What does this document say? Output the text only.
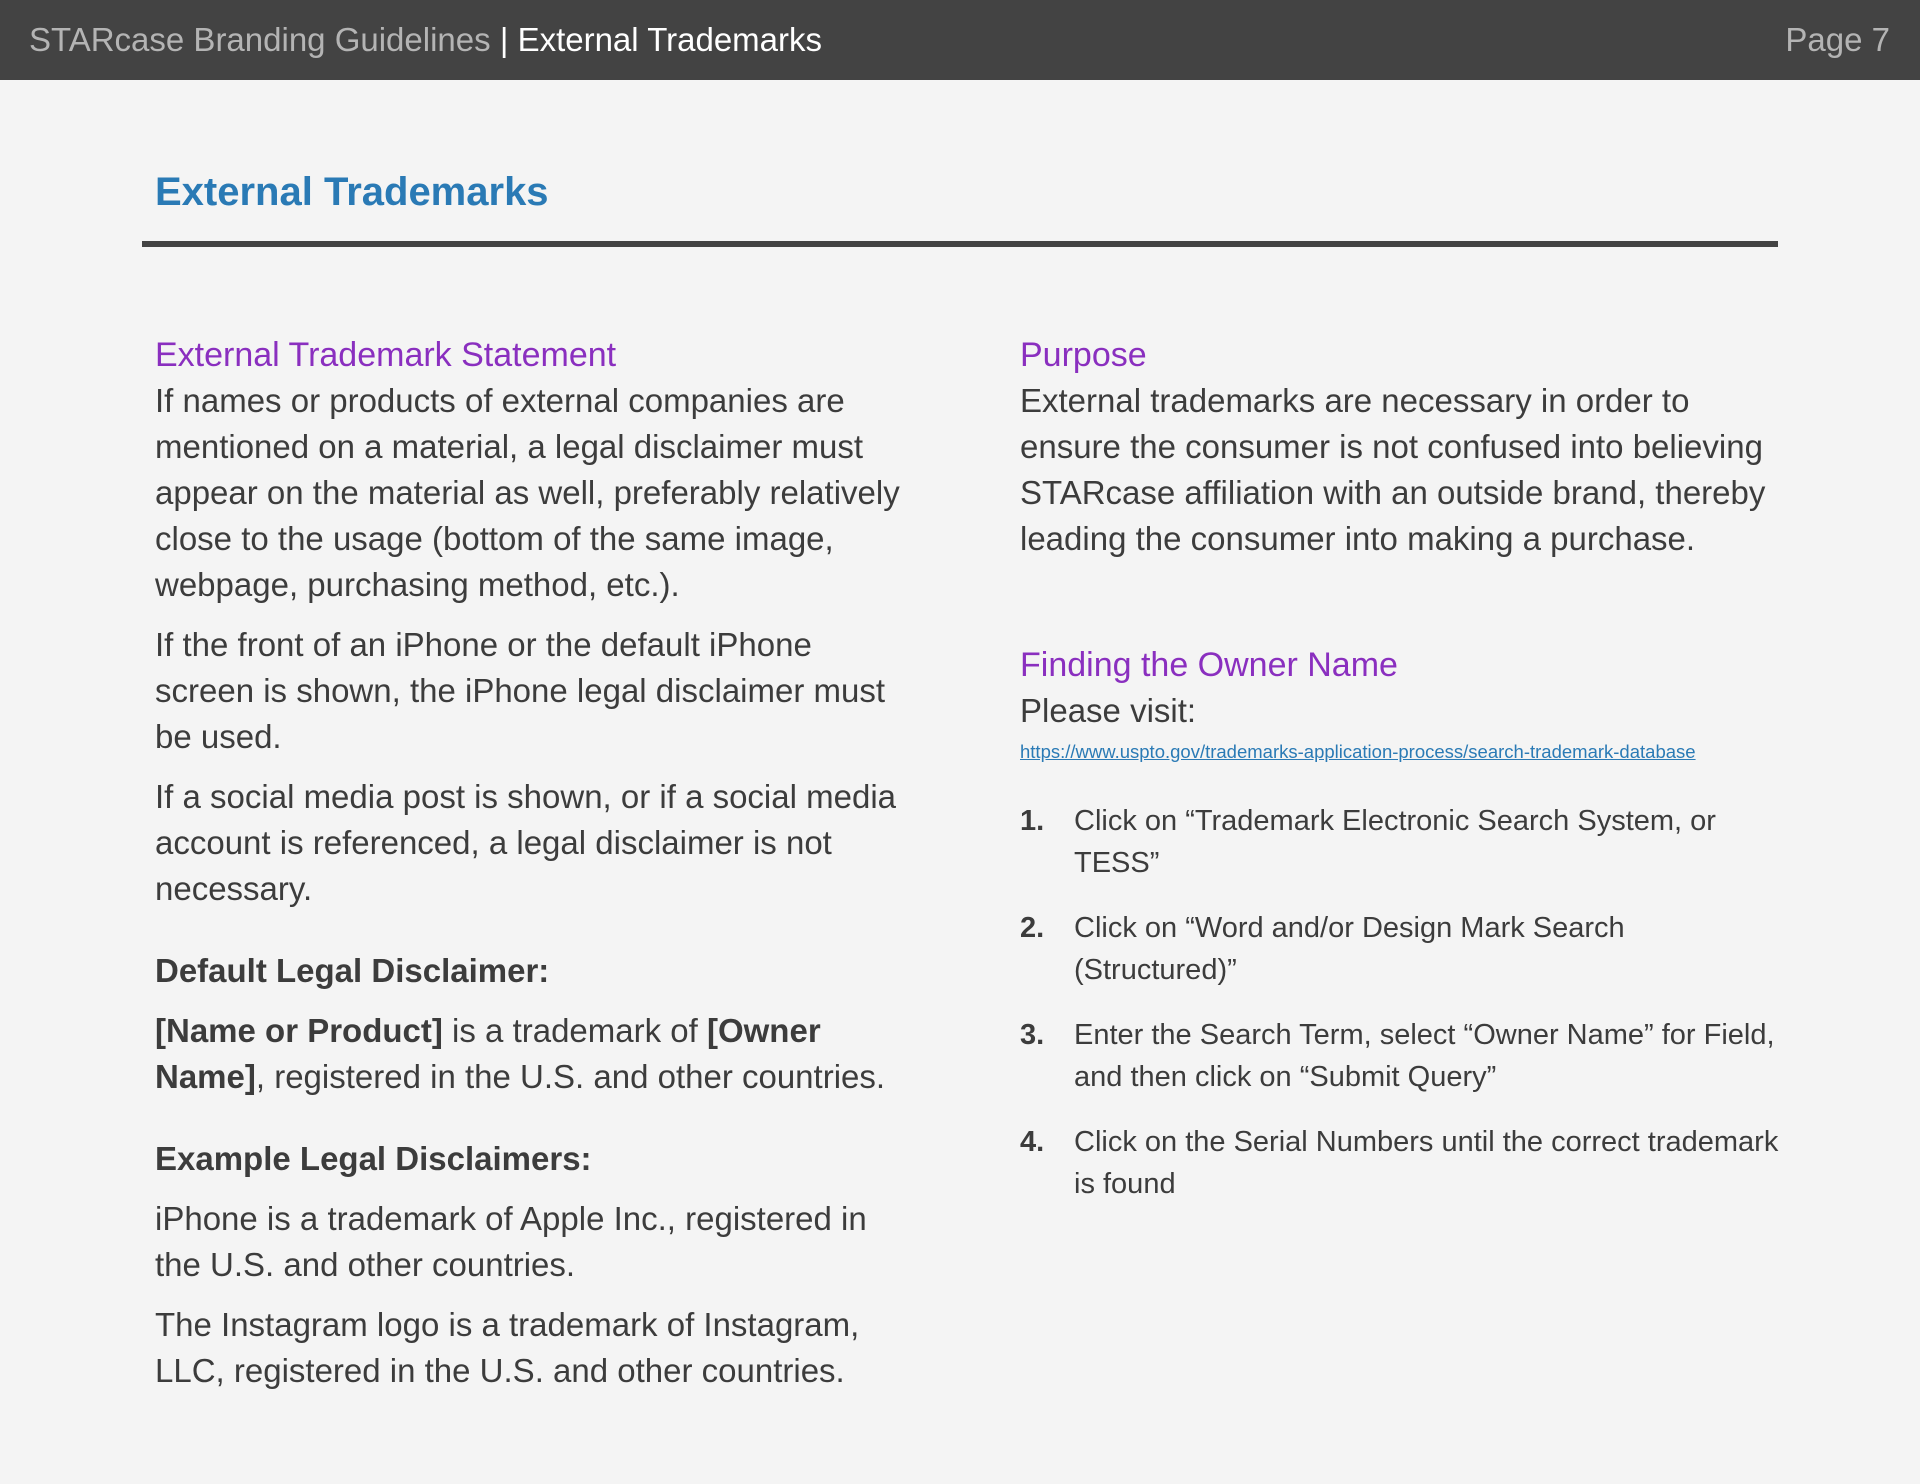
STARcase Branding Guidelines | External Trademarks	Page 7
External Trademarks
External Trademark Statement

If names or products of external companies are mentioned on a material, a legal disclaimer must appear on the material as well, preferably relatively close to the usage (bottom of the same image, webpage, purchasing method, etc.).

If the front of an iPhone or the default iPhone screen is shown, the iPhone legal disclaimer must be used.

If a social media post is shown, or if a social media account is referenced, a legal disclaimer is not necessary.

Default Legal Disclaimer:

[Name or Product] is a trademark of [Owner Name], registered in the U.S. and other countries.

Example Legal Disclaimers:

iPhone is a trademark of Apple Inc., registered in the U.S. and other countries.

The Instagram logo is a trademark of Instagram, LLC, registered in the U.S. and other countries.

Purpose

External trademarks are necessary in order to ensure the consumer is not confused into believing STARcase affiliation with an outside brand, thereby leading the consumer into making a purchase.

Finding the Owner Name

Please visit:

https://www.uspto.gov/trademarks-application-process/search-trademark-database
1.	Click on “Trademark Electronic Search System, or TESS”
2.	Click on “Word and/or Design Mark Search (Structured)”
3.	Enter the Search Term, select “Owner Name” for Field, and then click on “Submit Query”
4.	Click on the Serial Numbers until the correct trademark is found
